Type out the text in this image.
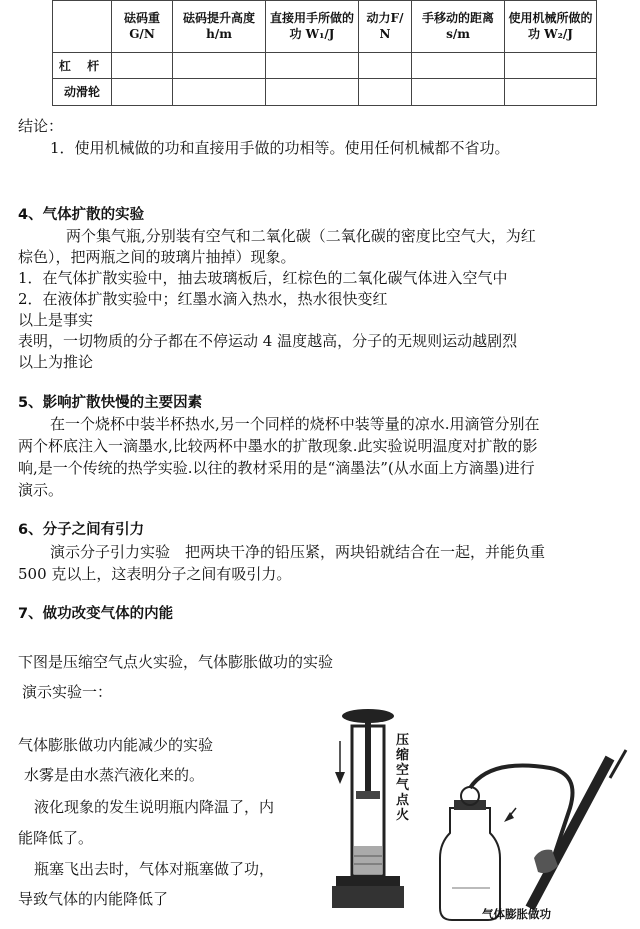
	砝码重G/N	砝码提升高度h/m	直接用手所做的功 W₁/J	动力F/ N	手移动的距离s/m	使用机械所做的功 W₂/J
杠 杆						
动滑轮						
结论：
1．使用机械做的功和直接用手做的功相等。使用任何机械都不省功。
4、气体扩散的实验
两个集气瓶,分别装有空气和二氧化碳（二氧化碳的密度比空气大，为红
棕色），把两瓶之间的玻璃片抽掉）现象。
1．在气体扩散实验中，抽去玻璃板后，红棕色的二氧化碳气体进入空气中
2．在液体扩散实验中；红墨水滴入热水，热水很快变红
以上是事实
表明，一切物质的分子都在不停运动 4 温度越高，分子的无规则运动越剧烈
以上为推论
5、影响扩散快慢的主要因素
在一个烧杯中装半杯热水,另一个同样的烧杯中装等量的凉水.用滴管分别在
两个杯底注入一滴墨水,比较两杯中墨水的扩散现象.此实验说明温度对扩散的影
响,是一个传统的热学实验.以往的教材采用的是“滴墨法”(从水面上方滴墨)进行
演示。
6、分子之间有引力
演示分子引力实验　把两块干净的铅压紧，两块铅就结合在一起，并能负重
500 克以上，这表明分子之间有吸引力。
7、做功改变气体的内能
下图是压缩空气点火实验，气体膨胀做功的实验
演示实验一：
气体膨胀做功内能减少的实验
水雾是由水蒸汽液化来的。
液化现象的发生说明瓶内降温了，内
能降低了。
瓶塞飞出去时，气体对瓶塞做了功，
导致气体的内能降低了
压缩空气点火
气体膨胀做功
